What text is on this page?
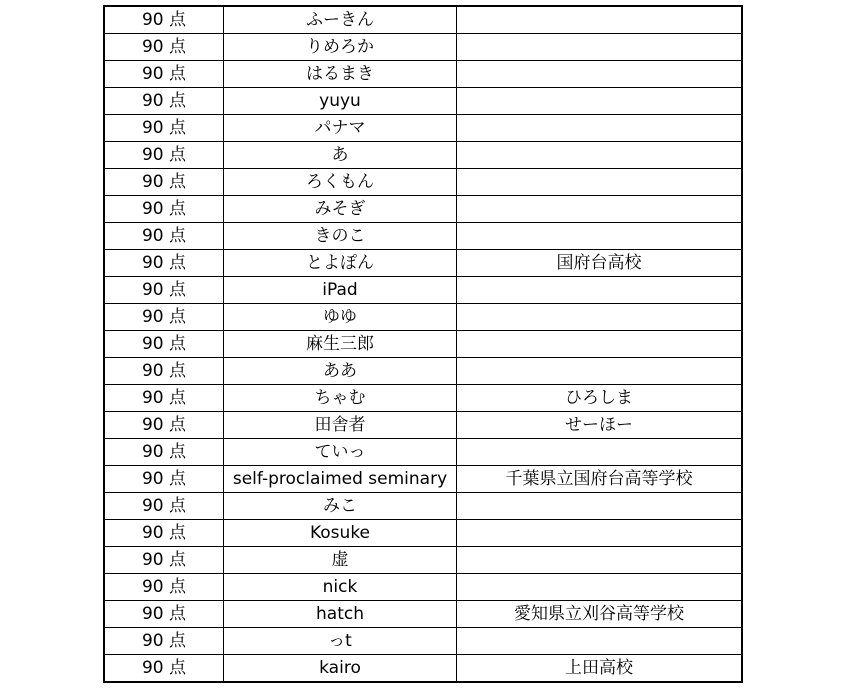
90 点	ふーきん	
90 点	りめろか	
90 点	はるまき	
90 点	yuyu	
90 点	パナマ	
90 点	あ	
90 点	ろくもん	
90 点	みそぎ	
90 点	きのこ	
90 点	とよぽん	国府台高校
90 点	iPad	
90 点	ゆゆ	
90 点	麻生三郎	
90 点	ああ	
90 点	ちゃむ	ひろしま
90 点	田舎者	せーほー
90 点	ていっ	
90 点	self-proclaimed seminary	千葉県立国府台高等学校
90 点	みこ	
90 点	Kosuke	
90 点	虚	
90 点	nick	
90 点	hatch	愛知県立刈谷高等学校
90 点	っt	
90 点	kairo	上田高校
